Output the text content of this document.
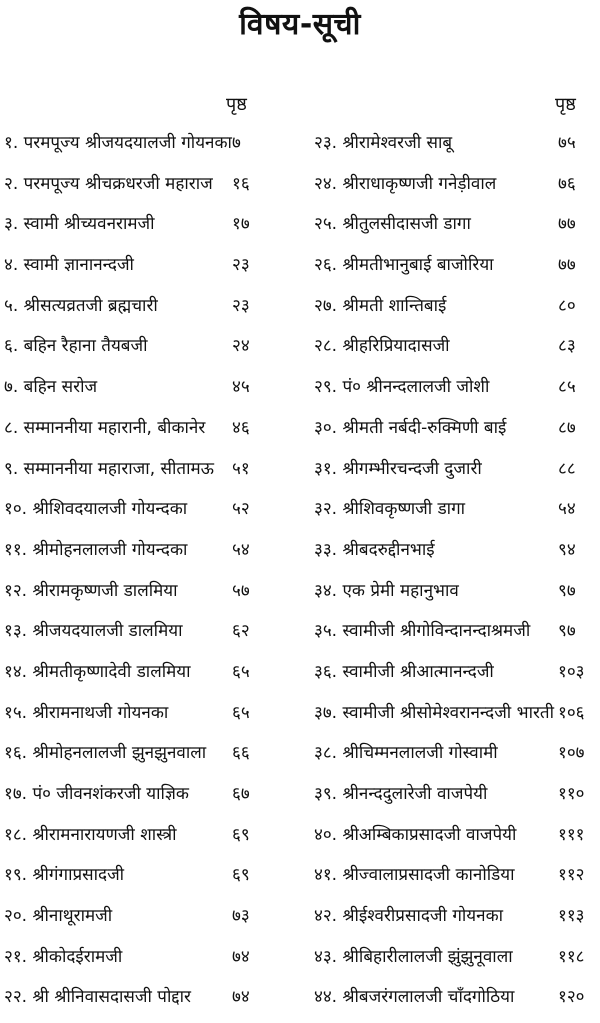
विषय-सूची
पृष्ठ	पृष्ठ
१. परमपूज्य श्रीजयदयालजी गोयनका ७
२. परमपूज्य श्रीचक्रधरजी महाराज १६
३. स्वामी श्रीच्यवनरामजी	१७
४. स्वामी ज्ञानानन्दजी	२३
५. श्रीसत्यव्रतजी ब्रह्मचारी	२३
६. बहिन रैहाना तैयबजी	२४
७. बहिन सरोज	४५
८. सम्माननीया महारानी, बीकानेर ४६
९. सम्माननीया महाराजा, सीतामऊ ५१
१०. श्रीशिवदयालजी गोयन्दका	५२
११. श्रीमोहनलालजी गोयन्दका	५४
१२. श्रीरामकृष्णजी डालमिया	५७
१३. श्रीजयदयालजी डालमिया	६२
१४. श्रीमतीकृष्णादेवी डालमिया ६५
१५. श्रीरामनाथजी गोयनका	६५
१६. श्रीमोहनलालजी झुनझुनवाला ६६
१७. पं० जीवनशंकरजी याज्ञिक	६७
१८. श्रीरामनारायणजी शास्त्री	६९
१९. श्रीगंगाप्रसादजी	६९
२०. श्रीनाथूरामजी	७३
२१. श्रीकोदईरामजी	७४
२२. श्री श्रीनिवासदासजी पोद्दार ७४
२३. श्रीरामेश्वरजी साबू	७५
२४. श्रीराधाकृष्णजी गनेड़ीवाल	७६
२५. श्रीतुलसीदासजी डागा	७७
२६. श्रीमतीभानुबाई बाजोरिया	७७
२७. श्रीमती शान्तिबाई	८०
२८. श्रीहरिप्रियादासजी	८३
२९. पं० श्रीनन्दलालजी जोशी	८५
३०. श्रीमती नर्बदी-रुक्मिणी बाई	८७
३१. श्रीगम्भीरचन्दजी दुजारी	८८
३२. श्रीशिवकृष्णजी डागा	५४
३३. श्रीबदरुद्दीनभाई	९४
३४. एक प्रेमी महानुभाव	९७
३५. स्वामीजी श्रीगोविन्दानन्दाश्रमजी ९७
३६. स्वामीजी श्रीआत्मानन्दजी	१०३
३७. स्वामीजी श्रीसोमेश्वरानन्दजी भारती १०६
३८. श्रीचिम्मनलालजी गोस्वामी	१०७
३९. श्रीनन्ददुलारेजी वाजपेयी	११०
४०. श्रीअम्बिकाप्रसादजी वाजपेयी १११
४१. श्रीज्वालाप्रसादजी कानोडिया	११२
४२. श्रीईश्वरीप्रसादजी गोयनका	११३
४३. श्रीबिहारीलालजी झुंझुनूवाला	११८
४४. श्रीबजरंगलालजी चाँदगोठिया	१२०
